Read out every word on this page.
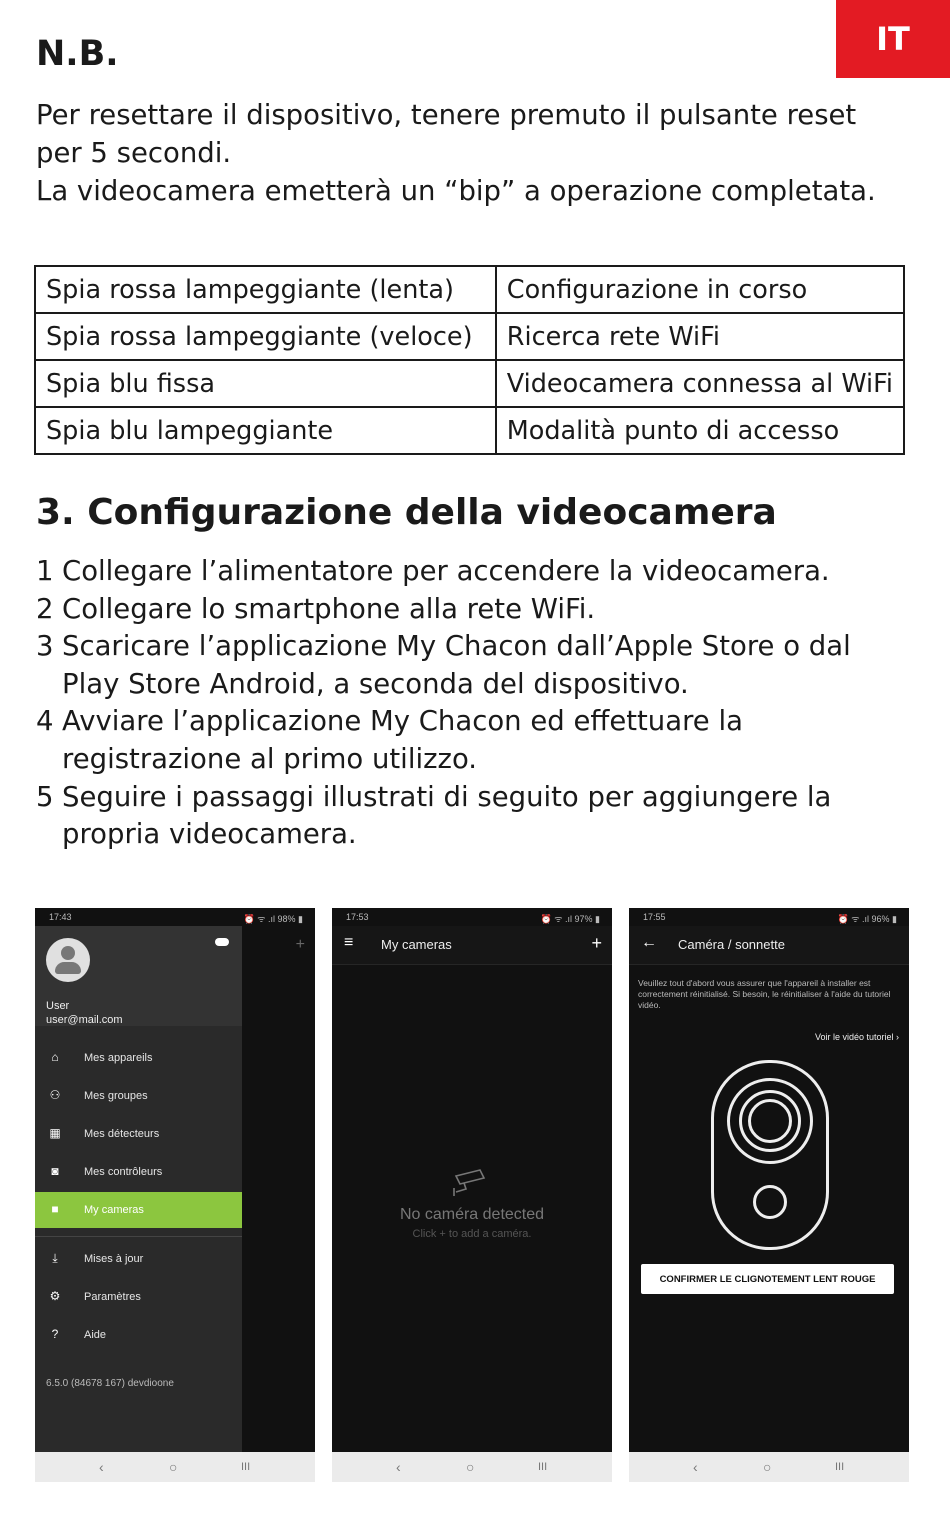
IT
N.B.
Per resettare il dispositivo, tenere premuto il pulsante reset
per 5 secondi.
La videocamera emetterà un “bip” a operazione completata.
Spia rossa lampeggiante (lenta)	Configurazione in corso
Spia rossa lampeggiante (veloce)	Ricerca rete WiFi
Spia blu fissa	Videocamera connessa al WiFi
Spia blu lampeggiante	Modalità punto di accesso
3. Configurazione della videocamera
1 Collegare l’alimentatore per accendere la videocamera.
2 Collegare lo smartphone alla rete WiFi.
3 Scaricare l’applicazione My Chacon dall’Apple Store o dal
Play Store Android, a seconda del dispositivo.
4 Avviare l’applicazione My Chacon ed effettuare la
registrazione al primo utilizzo.
5 Seguire i passaggi illustrati di seguito per aggiungere la
propria videocamera.
17:43	⏰ ᯤ .ıl 98% ▮
+
User
user@mail.com
⌂	Mes appareils
⚇ Mes groupes
▦ Mes détecteurs
◙	Mes contrôleurs
■	My cameras
⤓	Mises à jour
⚙ Paramètres
?	Aide
6.5.0 (84678 167) devdioone
‹	○	III
17:53	⏰ ᯤ .ıl 97% ▮
≡ My cameras	+
No caméra detected
Click + to add a caméra.
‹	○	III
17:55	⏰ ᯤ .ıl 96% ▮
← Caméra / sonnette
Veuillez tout d'abord vous assurer que l'appareil à installer est correctement réinitialisé. Si besoin, le réinitialiser à l'aide du tutoriel vidéo.
Voir le vidéo tutoriel ›
CONFIRMER LE CLIGNOTEMENT LENT ROUGE
‹	○	III
